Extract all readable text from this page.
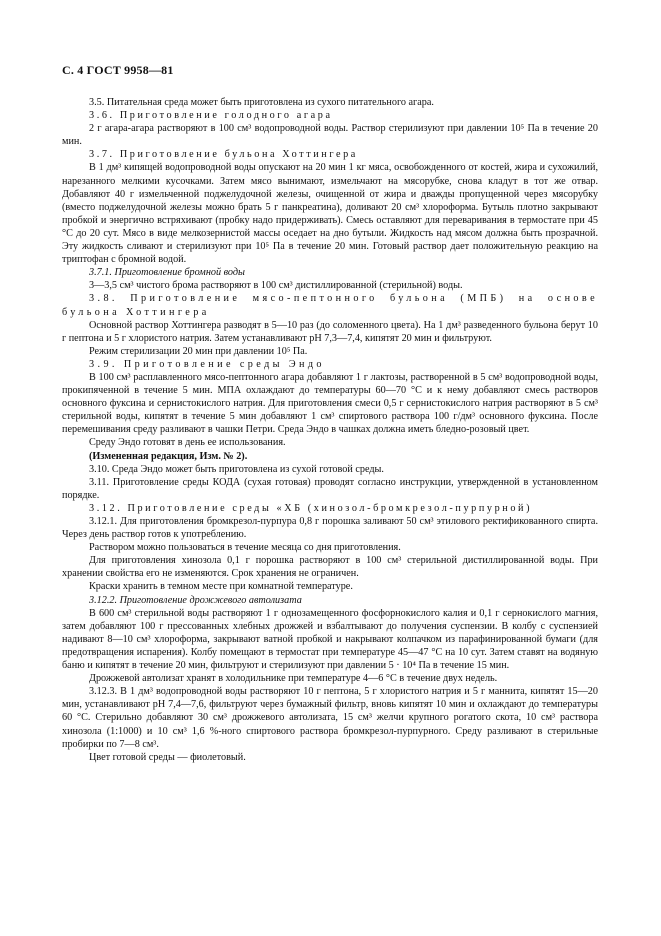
С. 4 ГОСТ 9958—81

3.5. Питательная среда может быть приготовлена из сухого питательного агара.

3.6. Приготовление голодного агара

2 г агара-агара растворяют в 100 см³ водопроводной воды. Раствор стерилизуют при давлении 10⁵ Па в течение 20 мин.

3.7. Приготовление бульона Хоттингера

В 1 дм³ кипящей водопроводной воды опускают на 20 мин 1 кг мяса, освобожденного от костей, жира и сухожилий, нарезанного мелкими кусочками. Затем мясо вынимают, измельчают на мясорубке, снова кладут в тот же отвар. Добавляют 40 г измельченной поджелудочной железы, очищенной от жира и дважды пропущенной через мясорубку (вместо поджелудочной железы можно брать 5 г панкреатина), доливают 20 см³ хлороформа. Бутыль плотно закрывают пробкой и энергично встряхивают (пробку надо придерживать). Смесь оставляют для переваривания в термостате при 45 °С до 20 сут. Мясо в виде мелкозернистой массы оседает на дно бутыли. Жидкость над мясом должна быть прозрачной. Эту жидкость сливают и стерилизуют при 10⁵ Па в течение 20 мин. Готовый раствор дает положительную реакцию на триптофан с бромной водой.

3.7.1. Приготовление бромной воды

3—3,5 см³ чистого брома растворяют в 100 см³ дистиллированной (стерильной) воды.

3.8. Приготовление мясо-пептонного бульона (МПБ) на основе бульона Хоттингера

Основной раствор Хоттингера разводят в 5—10 раз (до соломенного цвета). На 1 дм³ разведенного бульона берут 10 г пептона и 5 г хлористого натрия. Затем устанавливают pH 7,3—7,4, кипятят 20 мин и фильтруют.

Режим стерилизации 20 мин при давлении 10⁵ Па.

3.9. Приготовление среды Эндо

В 100 см³ расплавленного мясо-пептонного агара добавляют 1 г лактозы, растворенной в 5 см³ водопроводной воды, прокипяченной в течение 5 мин. МПА охлаждают до температуры 60—70 °С и к нему добавляют смесь растворов основного фуксина и сернистокислого натрия. Для приготовления смеси 0,5 г сернистокислого натрия растворяют в 5 см³ стерильной воды, кипятят в течение 5 мин добавляют 1 см³ спиртового раствора 100 г/дм³ основного фуксина. После перемешивания среду разливают в чашки Петри. Среда Эндо в чашках должна иметь бледно-розовый цвет.

Среду Эндо готовят в день ее использования.

(Измененная редакция, Изм. № 2).

3.10. Среда Эндо может быть приготовлена из сухой готовой среды.

3.11. Приготовление среды КОДА (сухая готовая) проводят согласно инструкции, утвержденной в установленном порядке.

3.12. Приготовление среды «ХБ (хинозол-бромкрезол-пурпурной)

3.12.1. Для приготовления бромкрезол-пурпура 0,8 г порошка заливают 50 см³ этилового ректификованного спирта. Через день раствор готов к употреблению.

Раствором можно пользоваться в течение месяца со дня приготовления.

Для приготовления хинозола 0,1 г порошка растворяют в 100 см³ стерильной дистиллированной воды. При хранении свойства его не изменяются. Срок хранения не ограничен.

Краски хранить в темном месте при комнатной температуре.

3.12.2. Приготовление дрожжевого автолизата

В 600 см³ стерильной воды растворяют 1 г однозамещенного фосфорнокислого калия и 0,1 г сернокислого магния, затем добавляют 100 г прессованных хлебных дрожжей и взбалтывают до получения суспензии. В колбу с суспензией надивают 8—10 см³ хлороформа, закрывают ватной пробкой и накрывают колпачком из парафинированной бумаги (для предотвращения испарения). Колбу помещают в термостат при температуре 45—47 °С на 10 сут. Затем ставят на водяную баню и кипятят в течение 20 мин, фильтруют и стерилизуют при давлении 5 · 10⁴ Па в течение 15 мин.

Дрожжевой автолизат хранят в холодильнике при температуре 4—6 °С в течение двух недель.

3.12.3. В 1 дм³ водопроводной воды растворяют 10 г пептона, 5 г хлористого натрия и 5 г маннита, кипятят 15—20 мин, устанавливают pH 7,4—7,6, фильтруют через бумажный фильтр, вновь кипятят 10 мин и охлаждают до температуры 60 °С. Стерильно добавляют 30 см³ дрожжевого автолизата, 15 см³ желчи крупного рогатого скота, 10 см³ раствора хинозола (1:1000) и 10 см³ 1,6 %-ного спиртового раствора бромкрезол-пурпурного. Среду разливают в стерильные пробирки по 7—8 см³.

Цвет готовой среды — фиолетовый.
